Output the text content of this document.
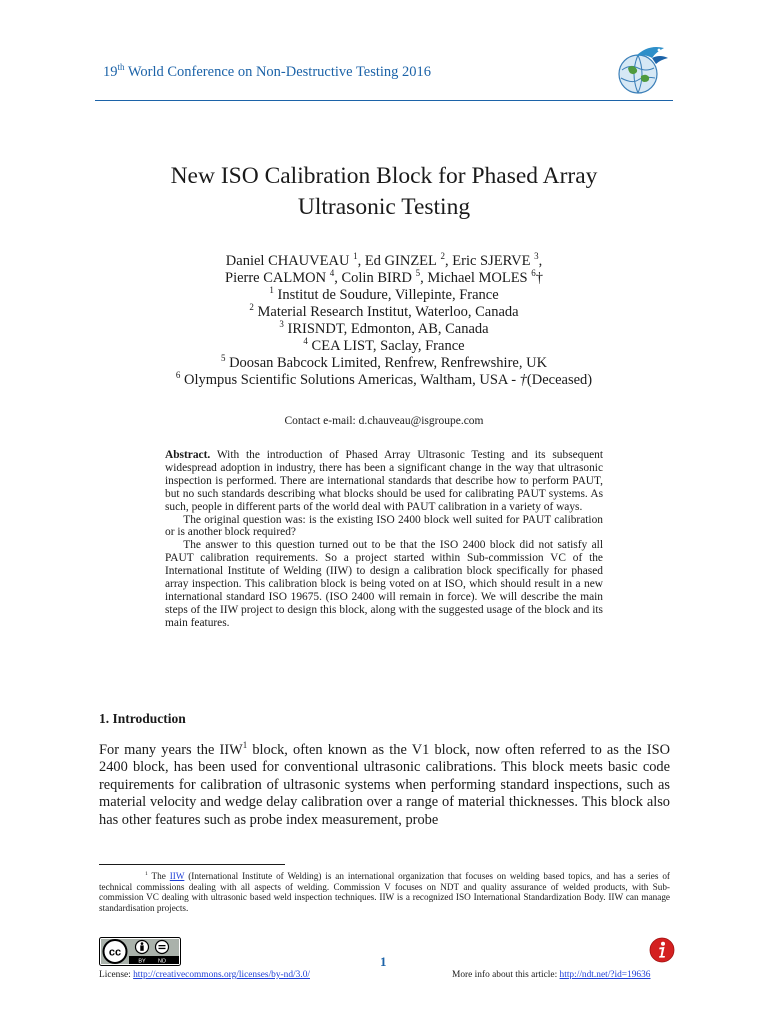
19th World Conference on Non-Destructive Testing 2016
New ISO Calibration Block for Phased Array
Ultrasonic Testing
Daniel CHAUVEAU $^1$, Ed GINZEL $^2$, Eric SJERVE $^3$,
Pierre CALMON $^4$, Colin BIRD $^5$, Michael MOLES $^6$†
$^1$ Institut de Soudure, Villepinte, France
$^2$ Material Research Institut, Waterloo, Canada
$^3$ IRISNDT, Edmonton, AB, Canada
$^4$ CEA LIST, Saclay, France
$^5$ Doosan Babcock Limited, Renfrew, Renfrewshire, UK
$^6$ Olympus Scientific Solutions Americas, Waltham, USA - †(Deceased)
Contact e-mail: d.chauveau@isgroupe.com

Abstract. With the introduction of Phased Array Ultrasonic Testing and its subsequent widespread adoption in industry, there has been a significant change in the way that ultrasonic inspection is performed. There are international standards that describe how to perform PAUT, but no such standards describing what blocks should be used for calibrating PAUT systems. As such, people in different parts of the world deal with PAUT calibration in a variety of ways.

The original question was: is the existing ISO 2400 block well suited for PAUT calibration or is another block required?

The answer to this question turned out to be that the ISO 2400 block did not satisfy all PAUT calibration requirements. So a project started within Sub-commission VC of the International Institute of Welding (IIW) to design a calibration block specifically for phased array inspection. This calibration block is being voted on at ISO, which should result in a new international standard ISO 19675. (ISO 2400 will remain in force). We will describe the main steps of the IIW project to design this block, along with the suggested usage of the block and its main features.

1. Introduction
For many years the IIW$^1$ block, often known as the V1 block, now often referred to as the ISO 2400 block, has been used for conventional ultrasonic calibrations. This block meets basic code requirements for calibration of ultrasonic systems when performing standard inspections, such as material velocity and wedge delay calibration over a range of material thicknesses. This block also has other features such as probe index measurement, probe
$^1$ The IIW (International Institute of Welding) is an international organization that focuses on welding based topics, and has a series of technical commissions dealing with all aspects of welding. Commission V focuses on NDT and quality assurance of welded products, with Sub-commission VC dealing with ultrasonic based weld inspection techniques. IIW is a recognized ISO International Standardization Body. IIW can manage standardisation projects.
cc
BY ND	1
License: http://creativecommons.org/licenses/by-nd/3.0/	More info about this article: http://ndt.net/?id=19636
